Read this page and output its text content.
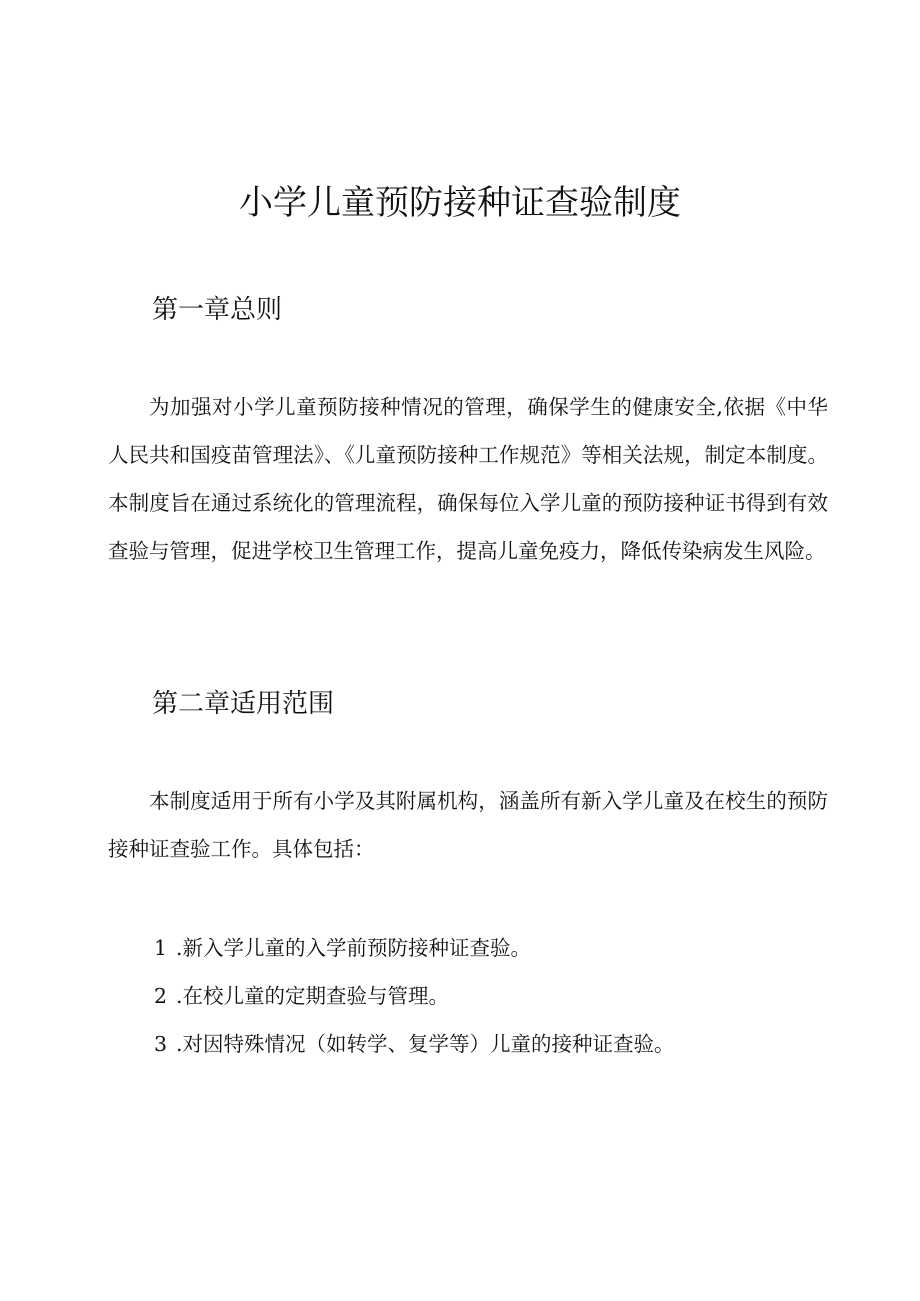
小学儿童预防接种证查验制度
第一章总则

为加强对小学儿童预防接种情况的管理，确保学生的健康安全,依据《中华人民共和国疫苗管理法》、《儿童预防接种工作规范》等相关法规，制定本制度。本制度旨在通过系统化的管理流程，确保每位入学儿童的预防接种证书得到有效查验与管理，促进学校卫生管理工作，提高儿童免疫力，降低传染病发生风险。

第二章适用范围

本制度适用于所有小学及其附属机构，涵盖所有新入学儿童及在校生的预防接种证查验工作。具体包括：

1 .新入学儿童的入学前预防接种证查验。
2 .在校儿童的定期查验与管理。
3 .对因特殊情况（如转学、复学等）儿童的接种证查验。
